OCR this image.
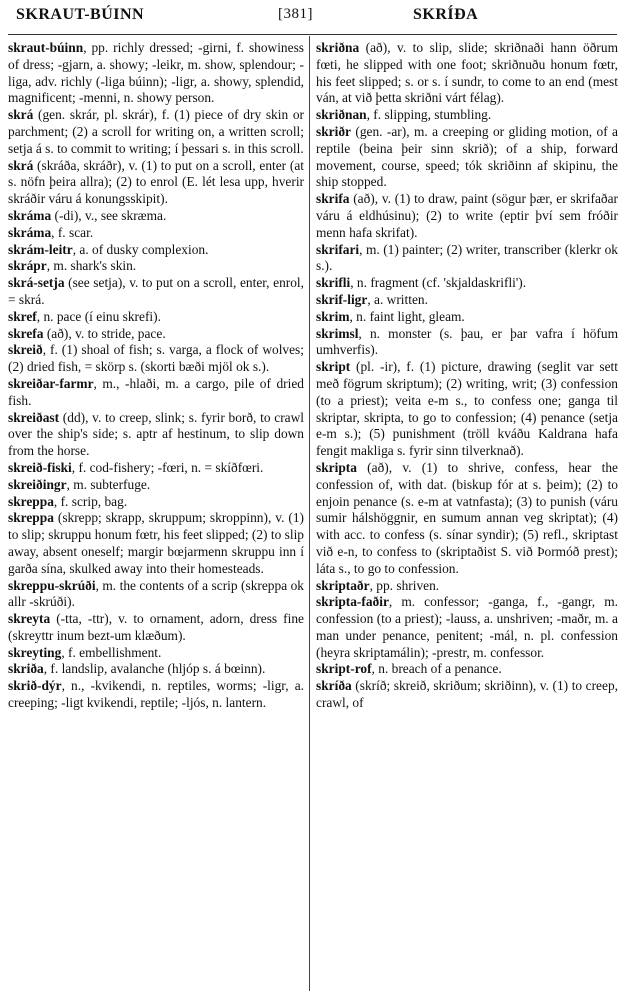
SKRAUT-BÚINN	[381]	SKRÍÐA

skraut-búinn, pp. richly dressed; -girni, f. showiness of dress; -gjarn, a. showy; -leikr, m. show, splendour; -liga, adv. richly (-liga búinn); -ligr, a. showy, splendid, magnificent; -menni, n. showy person.

skrá (gen. skrár, pl. skrár), f. (1) piece of dry skin or parchment; (2) a scroll for writing on, a written scroll; setja á s. to commit to writing; í þessari s. in this scroll.

skrá (skráða, skráðr), v. (1) to put on a scroll, enter (at s. nöfn þeira allra); (2) to enrol (E. lét lesa upp, hverir skráðir váru á konungsskipit).

skráma (-di), v., see skræma.

skráma, f. scar.

skrám-leitr, a. of dusky complexion.

skrápr, m. shark's skin.

skrá-setja (see setja), v. to put on a scroll, enter, enrol, = skrá.

skref, n. pace (í einu skrefi).

skrefa (að), v. to stride, pace.

skreið, f. (1) shoal of fish; s. varga, a flock of wolves; (2) dried fish, = skörp s. (skorti bæði mjöl ok s.).

skreiðar-farmr, m., -hlaði, m. a cargo, pile of dried fish.

skreiðast (dd), v. to creep, slink; s. fyrir borð, to crawl over the ship's side; s. aptr af hestinum, to slip down from the horse.

skreið-fiski, f. cod-fishery; -fœri, n. = skíðfœri.

skreiðingr, m. subterfuge.

skreppa, f. scrip, bag.

skreppa (skrepp; skrapp, skruppum; skroppinn), v. (1) to slip; skruppu honum fœtr, his feet slipped; (2) to slip away, absent oneself; margir bœjarmenn skruppu inn í garða sína, skulked away into their homesteads.

skreppu-skrúði, m. the contents of a scrip (skreppa ok allr -skrúði).

skreyta (-tta, -ttr), v. to ornament, adorn, dress fine (skreyttr inum bezt-um klæðum).

skreyting, f. embellishment.

skriða, f. landslip, avalanche (hljóp s. á bœinn).

skrið-dýr, n., -kvikendi, n. reptiles, worms; -ligr, a. creeping; -ligt kvikendi, reptile; -ljós, n. lantern.

skriðna (að), v. to slip, slide; skriðnaði hann öðrum fœti, he slipped with one foot; skriðnuðu honum fœtr, his feet slipped; s. or s. í sundr, to come to an end (mest ván, at við þetta skriðni várt félag).

skriðnan, f. slipping, stumbling.

skriðr (gen. -ar), m. a creeping or gliding motion, of a reptile (beina þeir sinn skrið); of a ship, forward movement, course, speed; tók skriðinn af skipinu, the ship stopped.

skrifa (að), v. (1) to draw, paint (sögur þær, er skrifaðar váru á eldhúsinu); (2) to write (eptir því sem fróðir menn hafa skrifat).

skrifari, m. (1) painter; (2) writer, transcriber (klerkr ok s.).

skrifli, n. fragment (cf. 'skjaldaskrifli').

skrif-ligr, a. written.

skrim, n. faint light, gleam.

skrimsl, n. monster (s. þau, er þar vafra í höfum umhverfis).

skript (pl. -ir), f. (1) picture, drawing (seglit var sett með fögrum skriptum); (2) writing, writ; (3) confession (to a priest); veita e-m s., to confess one; ganga til skriptar, skripta, to go to confession; (4) penance (setja e-m s.); (5) punishment (tröll kváðu Kaldrana hafa fengit makliga s. fyrir sinn tilverknað).

skripta (að), v. (1) to shrive, confess, hear the confession of, with dat. (biskup fór at s. þeim); (2) to enjoin penance (s. e-m at vatnfasta); (3) to punish (váru sumir hálshöggnir, en sumum annan veg skriptat); (4) with acc. to confess (s. sínar syndir); (5) refl., skriptast við e-n, to confess to (skriptaðist S. við Þormóð prest); láta s., to go to confession.

skriptaðr, pp. shriven.

skripta-faðir, m. confessor; -ganga, f., -gangr, m. confession (to a priest); -lauss, a. unshriven; -maðr, m. a man under penance, penitent; -mál, n. pl. confession (heyra skriptamálin); -prestr, m. confessor.

skript-rof, n. breach of a penance.

skríða (skríð; skreið, skriðum; skriðinn), v. (1) to creep, crawl, of
